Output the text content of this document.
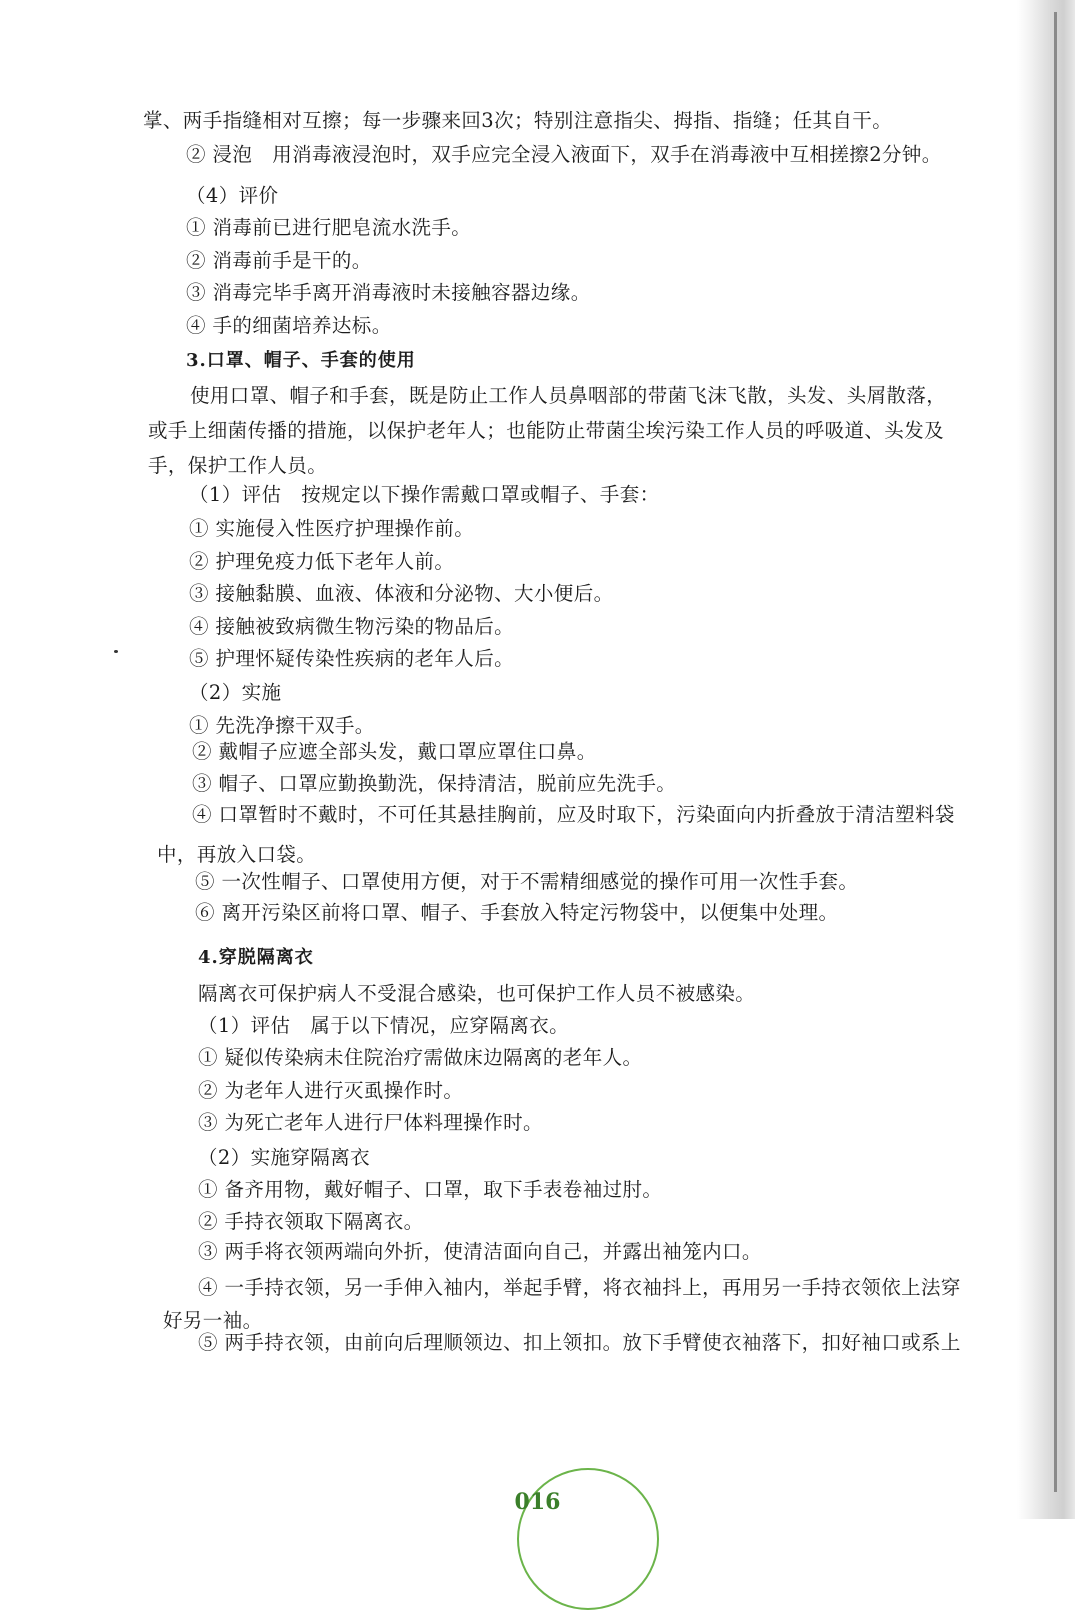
掌、两手指缝相对互擦；每一步骤来回3次；特别注意指尖、拇指、指缝；任其自干。
② 浸泡　用消毒液浸泡时，双手应完全浸入液面下，双手在消毒液中互相搓擦2分钟。
（4）评价
① 消毒前已进行肥皂流水洗手。
② 消毒前手是干的。
③ 消毒完毕手离开消毒液时未接触容器边缘。
④ 手的细菌培养达标。
3.口罩、帽子、手套的使用
使用口罩、帽子和手套，既是防止工作人员鼻咽部的带菌飞沫飞散，头发、头屑散落，
或手上细菌传播的措施，以保护老年人；也能防止带菌尘埃污染工作人员的呼吸道、头发及
手，保护工作人员。
（1）评估　按规定以下操作需戴口罩或帽子、手套：
① 实施侵入性医疗护理操作前。
② 护理免疫力低下老年人前。
③ 接触黏膜、血液、体液和分泌物、大小便后。
④ 接触被致病微生物污染的物品后。
⑤ 护理怀疑传染性疾病的老年人后。
（2）实施
① 先洗净擦干双手。
② 戴帽子应遮全部头发，戴口罩应罩住口鼻。
③ 帽子、口罩应勤换勤洗，保持清洁，脱前应先洗手。
④ 口罩暂时不戴时，不可任其悬挂胸前，应及时取下，污染面向内折叠放于清洁塑料袋
中，再放入口袋。
⑤ 一次性帽子、口罩使用方便，对于不需精细感觉的操作可用一次性手套。
⑥ 离开污染区前将口罩、帽子、手套放入特定污物袋中，以便集中处理。
4.穿脱隔离衣
隔离衣可保护病人不受混合感染，也可保护工作人员不被感染。
（1）评估　属于以下情况，应穿隔离衣。
① 疑似传染病未住院治疗需做床边隔离的老年人。
② 为老年人进行灭虱操作时。
③ 为死亡老年人进行尸体料理操作时。
（2）实施穿隔离衣
① 备齐用物，戴好帽子、口罩，取下手表卷袖过肘。
② 手持衣领取下隔离衣。
③ 两手将衣领两端向外折，使清洁面向自己，并露出袖笼内口。
④ 一手持衣领，另一手伸入袖内，举起手臂，将衣袖抖上，再用另一手持衣领依上法穿
好另一袖。
⑤ 两手持衣领，由前向后理顺领边、扣上领扣。放下手臂使衣袖落下，扣好袖口或系上
016
